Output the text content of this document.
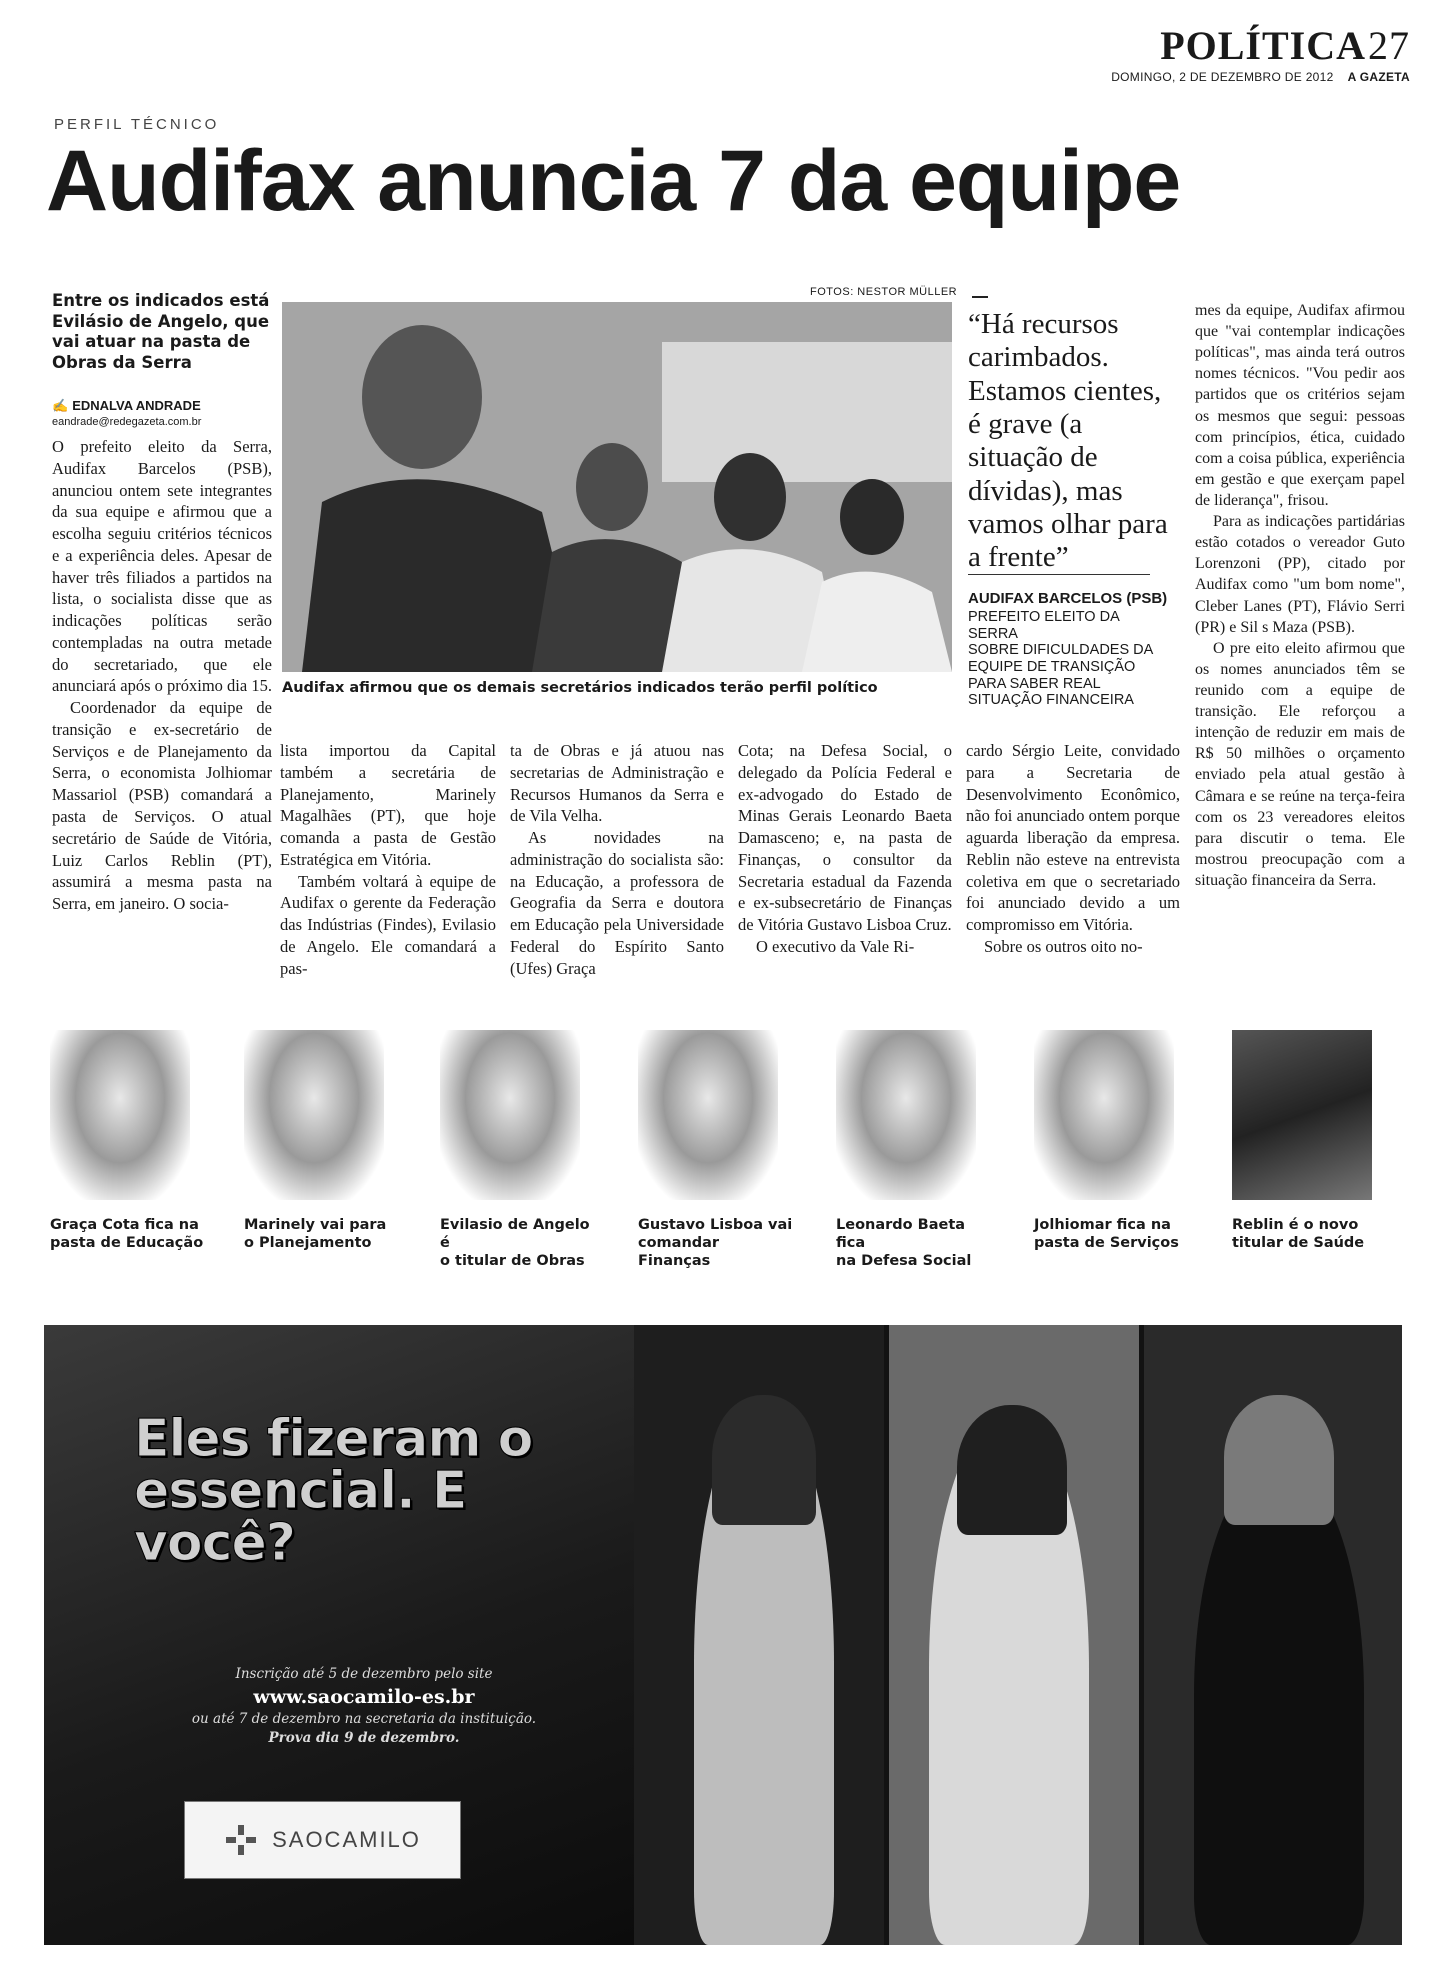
POLÍTICA27
DOMINGO, 2 DE DEZEMBRO DE 2012 A GAZETA
PERFIL TÉCNICO
Audifax anuncia 7 da equipe
Entre os indicados está Evilásio de Angelo, que vai atuar na pasta de Obras da Serra
✍ EDNALVA ANDRADE
eandrade@redegazeta.com.br

O prefeito eleito da Serra, Audifax Barcelos (PSB), anunciou ontem sete integrantes da sua equipe e afirmou que a escolha seguiu critérios técnicos e a experiência deles. Apesar de haver três filiados a partidos na lista, o socialista disse que as indicações políticas serão contempladas na outra metade do secretariado, que ele anunciará após o próximo dia 15.

Coordenador da equipe de transição e ex-secretário de Serviços e de Planejamento da Serra, o economista Jolhiomar Massariol (PSB) comandará a pasta de Serviços. O atual secretário de Saúde de Vitória, Luiz Carlos Reblin (PT), assumirá a mesma pasta na Serra, em janeiro. O socia-

FOTOS: NESTOR MÜLLER
Audifax afirmou que os demais secretários indicados terão perfil político
“Há recursos carimbados. Estamos cientes, é grave (a situação de dívidas), mas vamos olhar para a frente”
AUDIFAX BARCELOS (PSB)
PREFEITO ELEITO DA SERRA
SOBRE DIFICULDADES DA
EQUIPE DE TRANSIÇÃO
PARA SABER REAL
SITUAÇÃO FINANCEIRA

mes da equipe, Audifax afirmou que "vai contemplar indicações políticas", mas ainda terá outros nomes técnicos. "Vou pedir aos partidos que os critérios sejam os mesmos que segui: pessoas com princípios, ética, cuidado com a coisa pública, experiência em gestão e que exerçam papel de liderança", frisou.

Para as indicações partidárias estão cotados o vereador Guto Lorenzoni (PP), citado por Audifax como "um bom nome", Cleber Lanes (PT), Flávio Serri (PR) e Sil s Maza (PSB).

O pre eito eleito afirmou que os nomes anunciados têm se reunido com a equipe de transição. Ele reforçou a intenção de reduzir em mais de R$ 50 milhões o orçamento enviado pela atual gestão à Câmara e se reúne na terça-feira com os 23 vereadores eleitos para discutir o tema. Ele mostrou preocupação com a situação financeira da Serra.

lista importou da Capital também a secretária de Planejamento, Marinely Magalhães (PT), que hoje comanda a pasta de Gestão Estratégica em Vitória.

Também voltará à equipe de Audifax o gerente da Federação das Indústrias (Findes), Evilasio de Angelo. Ele comandará a pas-

ta de Obras e já atuou nas secretarias de Administração e Recursos Humanos da Serra e de Vila Velha.

As novidades na administração do socialista são: na Educação, a professora de Geografia da Serra e doutora em Educação pela Universidade Federal do Espírito Santo (Ufes) Graça

Cota; na Defesa Social, o delegado da Polícia Federal e ex-advogado do Estado de Minas Gerais Leonardo Baeta Damasceno; e, na pasta de Finanças, o consultor da Secretaria estadual da Fazenda e ex-subsecretário de Finanças de Vitória Gustavo Lisboa Cruz.

O executivo da Vale Ri-

cardo Sérgio Leite, convidado para a Secretaria de Desenvolvimento Econômico, não foi anunciado ontem porque aguarda liberação da empresa. Reblin não esteve na entrevista coletiva em que o secretariado foi anunciado devido a um compromisso em Vitória.

Sobre os outros oito no-

Graça Cota fica na
pasta de Educação
Marinely vai para
o Planejamento
Evilasio de Angelo é
o titular de Obras
Gustavo Lisboa vai
comandar Finanças
Leonardo Baeta fica
na Defesa Social
Jolhiomar fica na
pasta de Serviços
Reblin é o novo
titular de Saúde
Eles fizeram o
essencial. E você?
Inscrição até 5 de dezembro pelo site
www.saocamilo-es.br
ou até 7 de dezembro na secretaria da instituição.
Prova dia 9 de dezembro.
SAOCAMILO
